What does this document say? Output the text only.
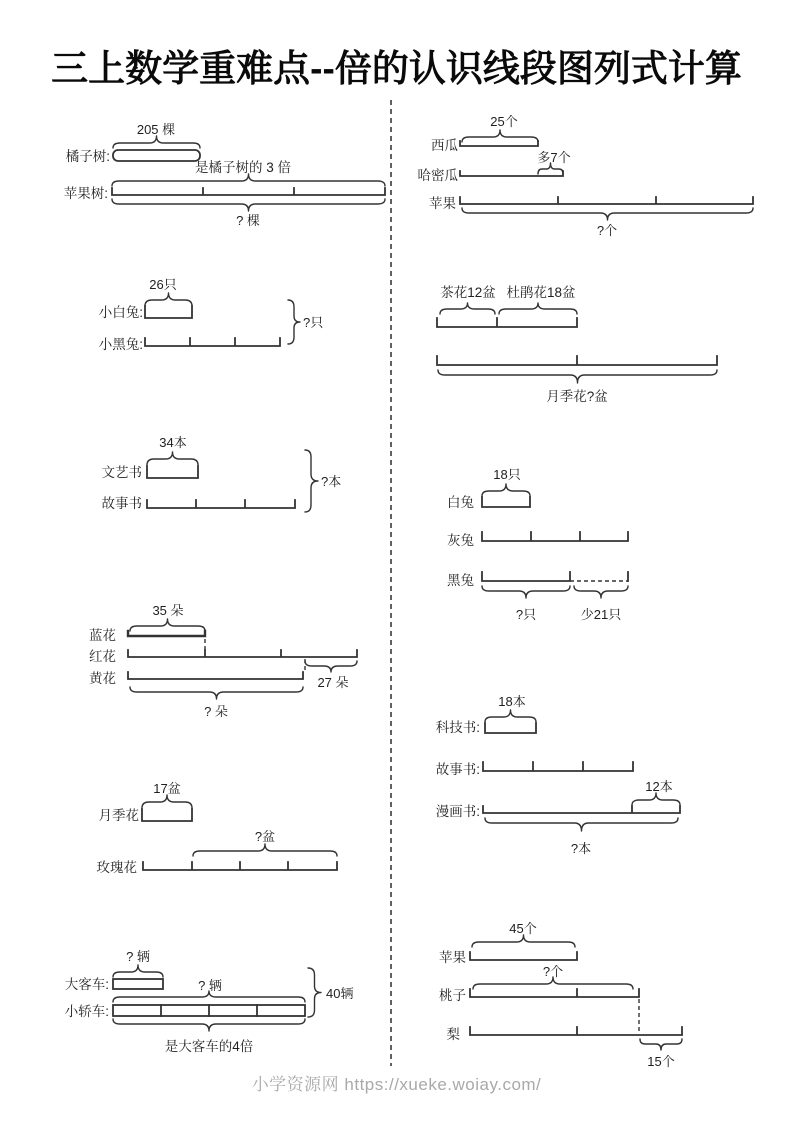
三上数学重难点--倍的认识线段图列式计算
205 棵
橘子树:
是橘子树的 3 倍
苹果树:
? 棵
26只
小白兔:
小黑兔:
?只
34本
文艺书
故事书
?本
35 朵
蓝花
红花
27 朵
黄花
? 朵
17盆
月季花
?盆
玫瑰花
? 辆
大客车:	? 辆
小轿车:
40辆
是大客车的4倍
25个
西瓜
多7个
哈密瓜
苹果
?个
茶花12盆 杜鹃花18盆
月季花?盆
18只
白兔
灰兔
黑兔
?只	少21只
18本
科技书:
故事书:
12本
漫画书:
?本
45个
苹果
?个
桃子
梨
15个
小学资源网 https://xueke.woiay.com/
